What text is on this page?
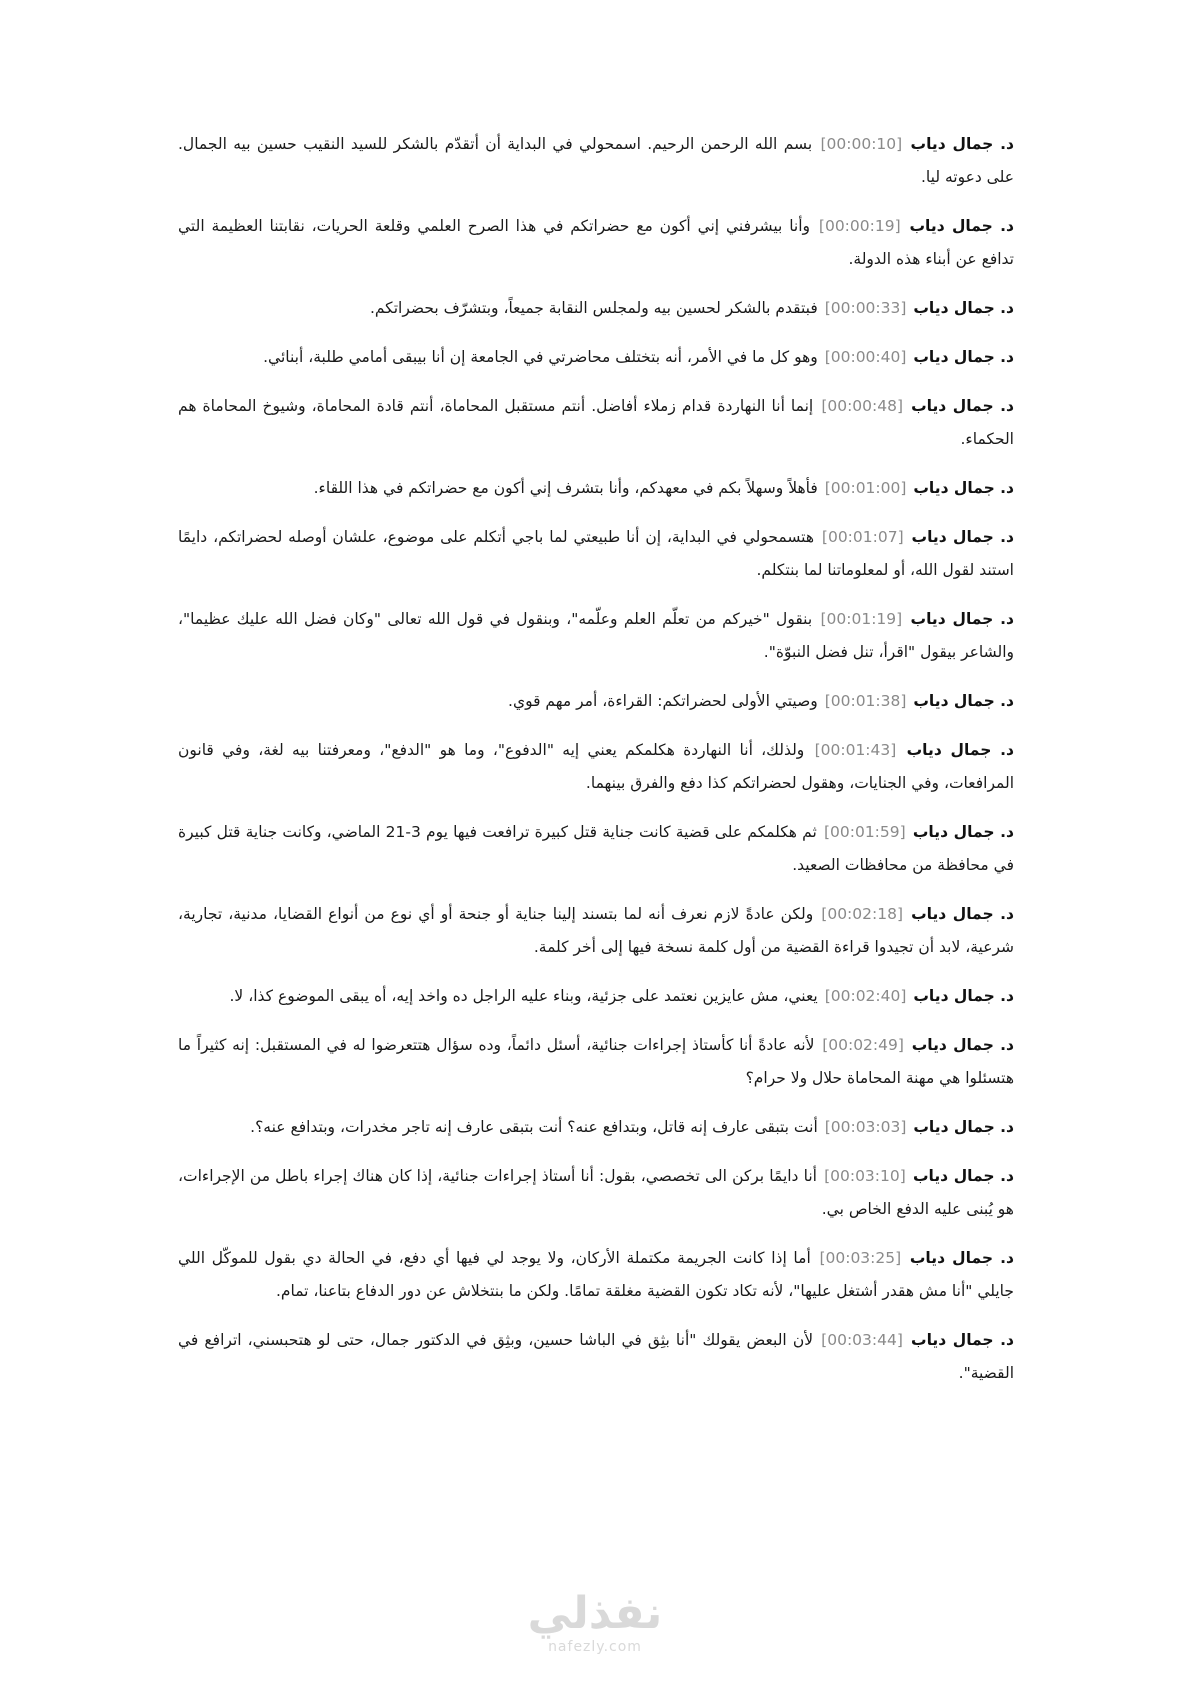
د. جمال دياب [00:00:10] بسم الله الرحمن الرحيم. اسمحولي في البداية أن أتقدّم بالشكر للسيد النقيب حسين بيه الجمال. على دعوته ليا.

د. جمال دياب [00:00:19] وأنا بيشرفني إني أكون مع حضراتكم في هذا الصرح العلمي وقلعة الحريات، نقابتنا العظيمة التي تدافع عن أبناء هذه الدولة.

د. جمال دياب [00:00:33] فبتقدم بالشكر لحسين بيه ولمجلس النقابة جميعاً، وبتشرّف بحضراتكم.

د. جمال دياب [00:00:40] وهو كل ما في الأمر، أنه بتختلف محاضرتي في الجامعة إن أنا بيبقى أمامي طلبة، أبنائي.

د. جمال دياب [00:00:48] إنما أنا النهاردة قدام زملاء أفاضل. أنتم مستقبل المحاماة، أنتم قادة المحاماة، وشيوخ المحاماة هم الحكماء.

د. جمال دياب [00:01:00] فأهلاً وسهلاً بكم في معهدكم، وأنا بتشرف إني أكون مع حضراتكم في هذا اللقاء.

د. جمال دياب [00:01:07] هتسمحولي في البداية، إن أنا طبيعتي لما باجي أتكلم على موضوع، علشان أوصله لحضراتكم، دايمًا استند لقول الله، أو لمعلوماتنا لما بنتكلم.

د. جمال دياب [00:01:19] بنقول "خيركم من تعلّم العلم وعلّمه"، وبنقول في قول الله تعالى "وكان فضل الله عليك عظيما"، والشاعر بيقول "اقرأ، تنل فضل النبوّة".

د. جمال دياب [00:01:38] وصيتي الأولى لحضراتكم: القراءة، أمر مهم قوي.

د. جمال دياب [00:01:43] ولذلك، أنا النهاردة هكلمكم يعني إيه "الدفوع"، وما هو "الدفع"، ومعرفتنا بيه لغة، وفي قانون المرافعات، وفي الجنايات، وهقول لحضراتكم كذا دفع والفرق بينهما.

د. جمال دياب [00:01:59] ثم هكلمكم على قضية كانت جناية قتل كبيرة ترافعت فيها يوم 3-21 الماضي، وكانت جناية قتل كبيرة في محافظة من محافظات الصعيد.

د. جمال دياب [00:02:18] ولكن عادةً لازم نعرف أنه لما بتسند إلينا جناية أو جنحة أو أي نوع من أنواع القضايا، مدنية، تجارية، شرعية، لابد أن تجيدوا قراءة القضية من أول كلمة نسخة فيها إلى أخر كلمة.

د. جمال دياب [00:02:40] يعني، مش عايزين نعتمد على جزئية، وبناء عليه الراجل ده واخد إيه، أه يبقى الموضوع كذا، لا.

د. جمال دياب [00:02:49] لأنه عادةً أنا كأستاذ إجراءات جنائية، أسئل دائماً، وده سؤال هتتعرضوا له في المستقبل: إنه كثيراً ما هتسئلوا هي مهنة المحاماة حلال ولا حرام؟

د. جمال دياب [00:03:03] أنت بتبقى عارف إنه قاتل، وبتدافع عنه؟ أنت بتبقى عارف إنه تاجر مخدرات، وبتدافع عنه؟.

د. جمال دياب [00:03:10] أنا دايمًا بركن الى تخصصي، بقول: أنا أستاذ إجراءات جنائية، إذا كان هناك إجراء باطل من الإجراءات، هو يُبنى عليه الدفع الخاص بي.

د. جمال دياب [00:03:25] أما إذا كانت الجريمة مكتملة الأركان، ولا يوجد لي فيها أي دفع، في الحالة دي بقول للموكّل اللي جايلي "أنا مش هقدر أشتغل عليها"، لأنه تكاد تكون القضية مغلقة تمامًا. ولكن ما بنتخلاش عن دور الدفاع بتاعنا، تمام.

د. جمال دياب [00:03:44] لأن البعض يقولك "أنا بثِق في الباشا حسين، وبثِق في الدكتور جمال، حتى لو هتحبسني، اترافع في القضية".

نفذلي
nafezly.com
